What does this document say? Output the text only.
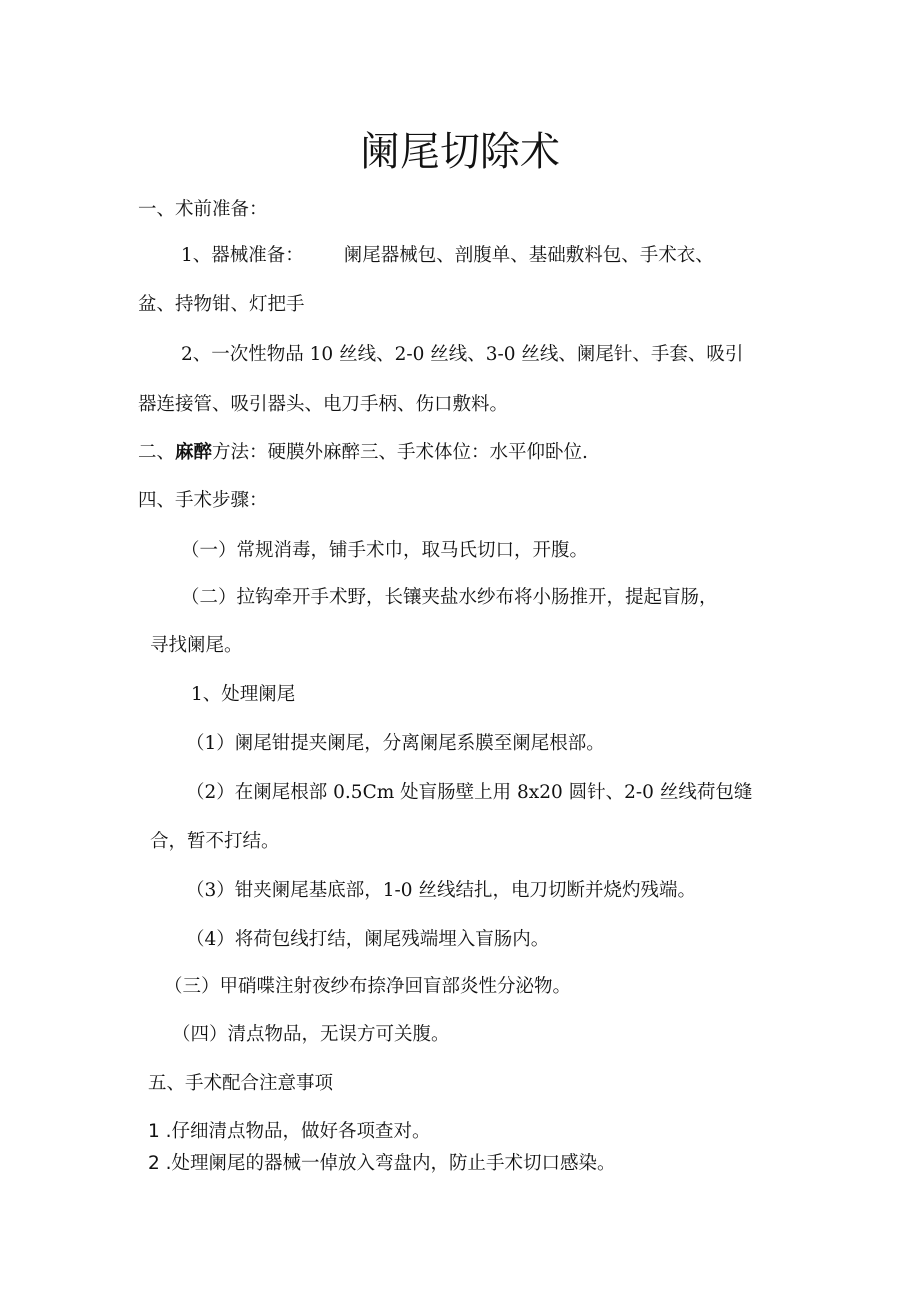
阑尾切除术
一、术前准备：
1、器械准备： 阑尾器械包、剖腹单、基础敷料包、手术衣、
盆、持物钳、灯把手
2、一次性物品 10 丝线、2-0 丝线、3-0 丝线、阑尾针、手套、吸引
器连接管、吸引器头、电刀手柄、伤口敷料。
二、麻醉方法：硬膜外麻醉三、手术体位：水平仰卧位.
四、手术步骤：
（一）常规消毒，铺手术巾，取马氏切口，开腹。
（二）拉钩牵开手术野，长镶夹盐水纱布将小肠推开，提起盲肠，
寻找阑尾。
1、处理阑尾
（1）阑尾钳提夹阑尾，分离阑尾系膜至阑尾根部。
（2）在阑尾根部 0.5Cm 处盲肠壁上用 8x20 圆针、2-0 丝线荷包缝
合，暂不打结。
（3）钳夹阑尾基底部，1-0 丝线结扎，电刀切断并烧灼残端。
（4）将荷包线打结，阑尾残端埋入盲肠内。
（三）甲硝喋注射夜纱布捺净回盲部炎性分泌物。
（四）清点物品，无误方可关腹。
五、手术配合注意事项
1 .仔细清点物品，做好各项查对。
2 .处理阑尾的器械一倬放入弯盘内，防止手术切口感染。
